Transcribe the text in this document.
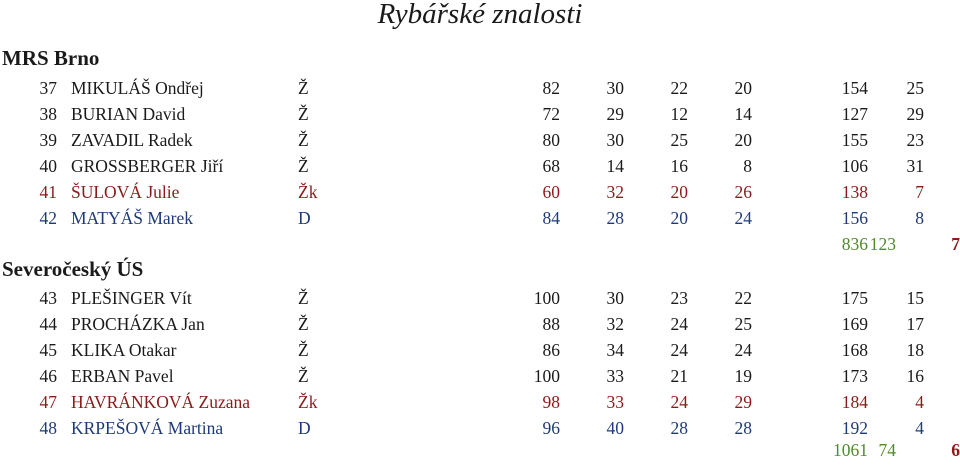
Rybářské znalosti
MRS Brno
37 MIKULÁŠ Ondřej	Ž	82	30	22	20	154	25
38 BURIAN David	Ž	72	29	12	14	127	29
39 ZAVADIL Radek	Ž	80	30	25	20	155	23
40 GROSSBERGER Jiří	Ž	68	14	16	8	106	31
41 ŠULOVÁ Julie	Žk	60	32	20	26	138	7
42 MATYÁŠ Marek	D	84	28	20	24	156	8
836 123	7
Severočeský ÚS
43 PLEŠINGER Vít	Ž	100	30	23	22	175	15
44 PROCHÁZKA Jan	Ž	88	32	24	25	169	17
45 KLIKA Otakar	Ž	86	34	24	24	168	18
46 ERBAN Pavel	Ž	100	33	21	19	173	16
47 HAVRÁNKOVÁ Zuzana	Žk	98	33	24	29	184	4
48 KRPEŠOVÁ Martina	D	96	40	28	28	192	4
1061 74	6
